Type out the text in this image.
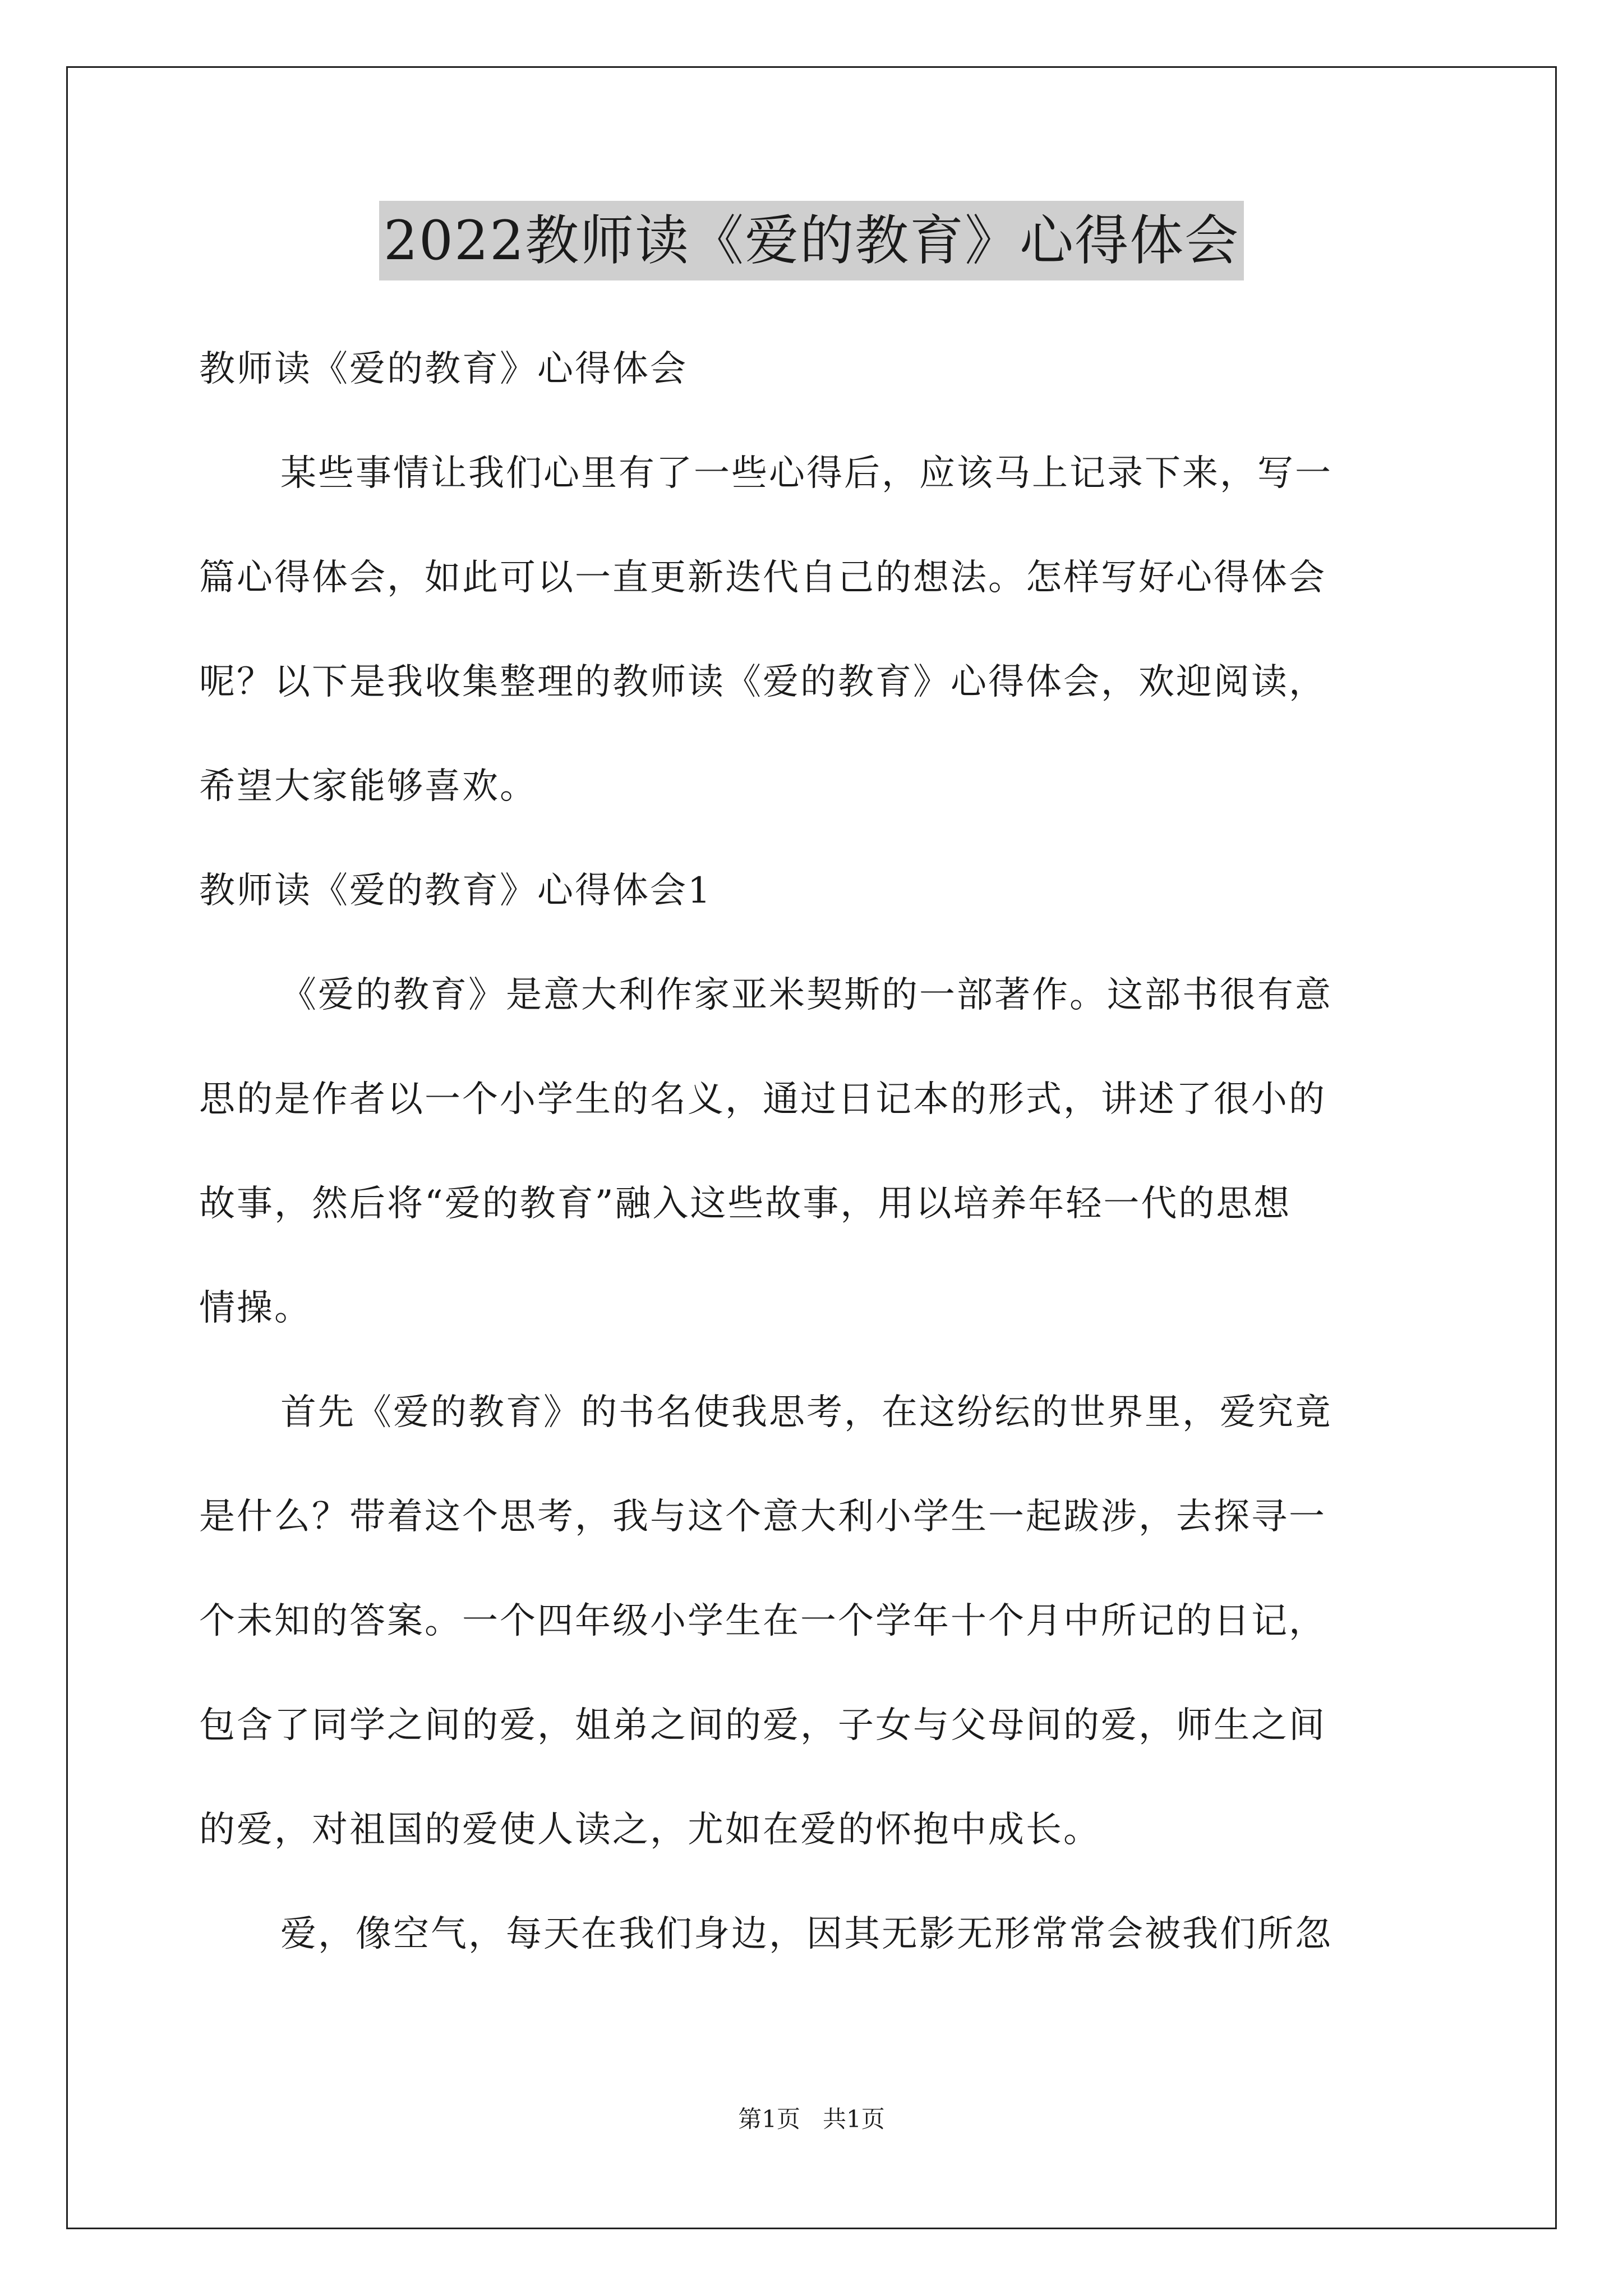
2022教师读《爱的教育》心得体会
教师读《爱的教育》心得体会
某些事情让我们心里有了一些心得后，应该马上记录下来，写一
篇心得体会，如此可以一直更新迭代自己的想法。怎样写好心得体会
呢？以下是我收集整理的教师读《爱的教育》心得体会，欢迎阅读，
希望大家能够喜欢。
教师读《爱的教育》心得体会1
《爱的教育》是意大利作家亚米契斯的一部著作。这部书很有意
思的是作者以一个小学生的名义，通过日记本的形式，讲述了很小的
故事，然后将“爱的教育”融入这些故事，用以培养年轻一代的思想
情操。
首先《爱的教育》的书名使我思考，在这纷纭的世界里，爱究竟
是什么？带着这个思考，我与这个意大利小学生一起跋涉，去探寻一
个未知的答案。一个四年级小学生在一个学年十个月中所记的日记，
包含了同学之间的爱，姐弟之间的爱，子女与父母间的爱，师生之间
的爱，对祖国的爱使人读之，尤如在爱的怀抱中成长。
爱，像空气，每天在我们身边，因其无影无形常常会被我们所忽
第1页   共1页
